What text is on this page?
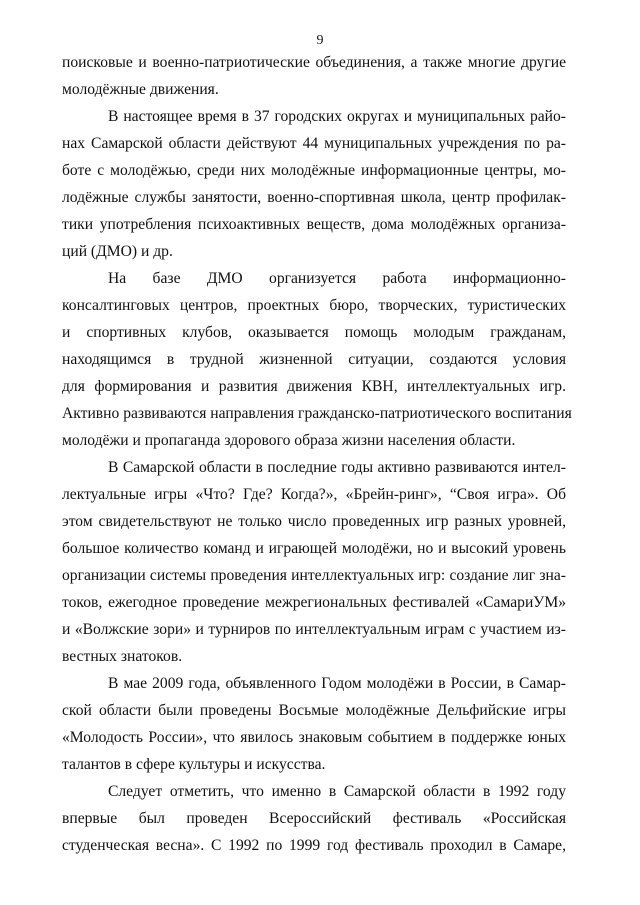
9
поисковые и военно-патриотические объединения, а также многие другие
молодёжные движения.
В настоящее время в 37 городских округах и муниципальных райо-
нах Самарской области действуют 44 муниципальных учреждения по ра-
боте с молодёжью, среди них молодёжные информационные центры, мо-
лодёжные службы занятости, военно-спортивная школа, центр профилак-
тики употребления психоактивных веществ, дома молодёжных организа-
ций (ДМО) и др.
На базе ДМО организуется работа информационно-
консалтинговых центров, проектных бюро, творческих, туристических
и спортивных клубов, оказывается помощь молодым гражданам,
находящимся в трудной жизненной ситуации, создаются условия
для формирования и развития движения КВН, интеллектуальных игр.
Активно развиваются направления гражданско-патриотического воспитания
молодёжи и пропаганда здорового образа жизни населения области.
В Самарской области в последние годы активно развиваются интел-
лектуальные игры «Что? Где? Когда?», «Брейн-ринг», “Своя игра». Об
этом свидетельствуют не только число проведенных игр разных уровней,
большое количество команд и играющей молодёжи, но и высокий уровень
организации системы проведения интеллектуальных игр: создание лиг зна-
токов, ежегодное проведение межрегиональных фестивалей «СамариУМ»
и «Волжские зори» и турниров по интеллектуальным играм с участием из-
вестных знатоков.
В мае 2009 года, объявленного Годом молодёжи в России, в Самар-
ской области были проведены Восьмые молодёжные Дельфийские игры
«Молодость России», что явилось знаковым событием в поддержке юных
талантов в сфере культуры и искусства.
Следует отметить, что именно в Самарской области в 1992 году
впервые был проведен Всероссийский фестиваль «Российская
студенческая весна». С 1992 по 1999 год фестиваль проходил в Самаре,
